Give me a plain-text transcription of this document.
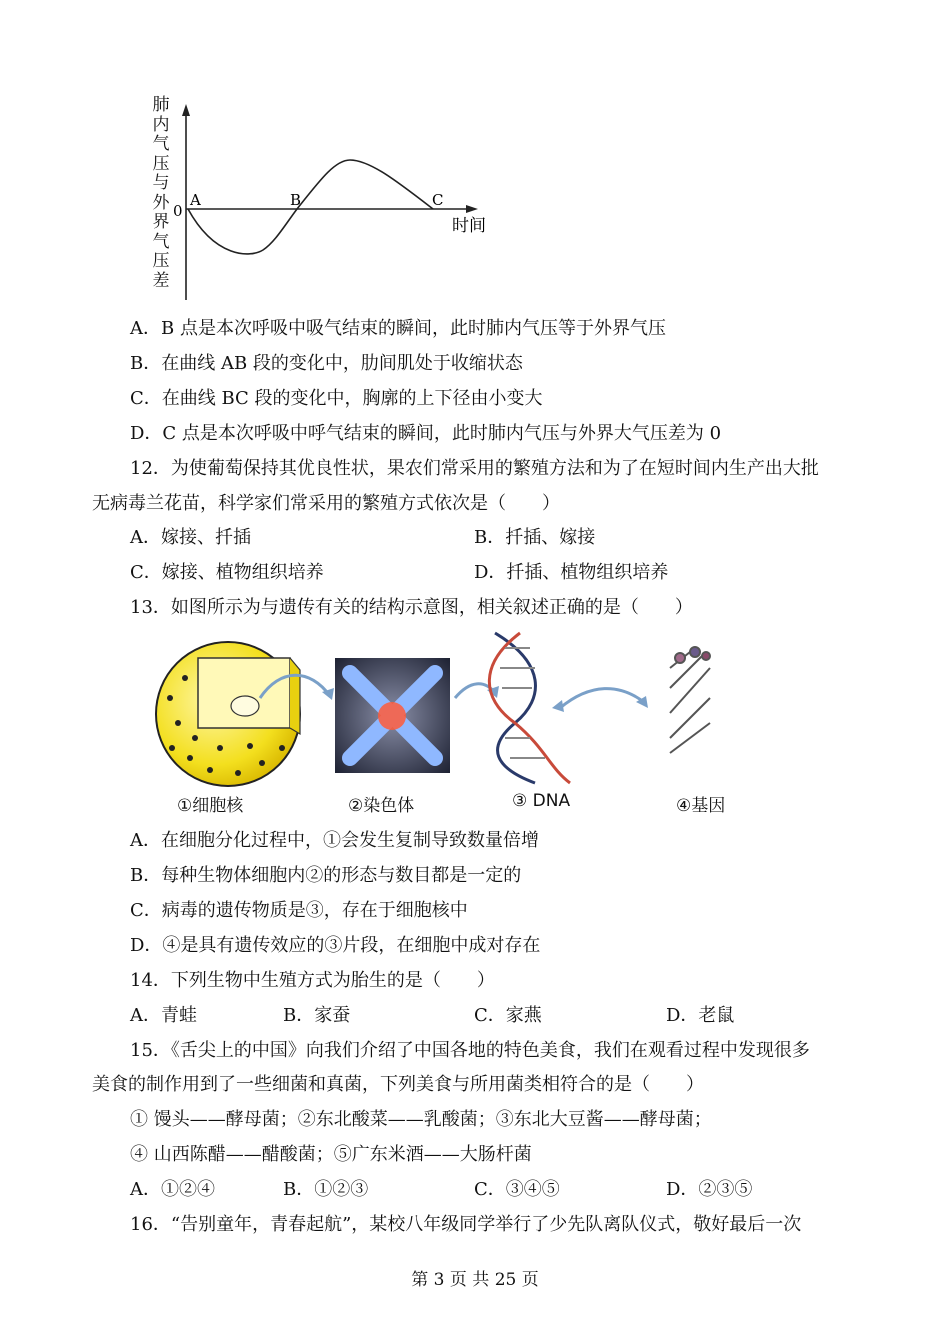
肺
内
气
压
与
外
界
气
压
差
0
A	B	C
时间
A．B 点是本次呼吸中吸气结束的瞬间，此时肺内气压等于外界气压
B．在曲线 AB 段的变化中，肋间肌处于收缩状态
C．在曲线 BC 段的变化中，胸廓的上下径由小变大
D．C 点是本次呼吸中呼气结束的瞬间，此时肺内气压与外界大气压差为 0
12．为使葡萄保持其优良性状，果农们常采用的繁殖方法和为了在短时间内生产出大批
无病毒兰花苗，科学家们常采用的繁殖方式依次是（　　）
A．嫁接、扦插	B．扦插、嫁接
C．嫁接、植物组织培养	D．扦插、植物组织培养
13．如图所示为与遗传有关的结构示意图，相关叙述正确的是（　　）
①细胞核	②染色体	③ DNA	④基因
A．在细胞分化过程中，①会发生复制导致数量倍增
B．每种生物体细胞内②的形态与数目都是一定的
C．病毒的遗传物质是③，存在于细胞核中
D．④是具有遗传效应的③片段，在细胞中成对存在
14．下列生物中生殖方式为胎生的是（　　）
A．青蛙	B．家蚕	C．家燕	D．老鼠
15．《舌尖上的中国》向我们介绍了中国各地的特色美食，我们在观看过程中发现很多
美食的制作用到了一些细菌和真菌，下列美食与所用菌类相符合的是（　　）
① 馒头——酵母菌；②东北酸菜——乳酸菌；③东北大豆酱——酵母菌；
④ 山西陈醋——醋酸菌；⑤广东米酒——大肠杆菌
A．①②④	B．①②③	C．③④⑤	D．②③⑤
16．“告别童年，青春起航”，某校八年级同学举行了少先队离队仪式，敬好最后一次
第 3 页 共 25 页
